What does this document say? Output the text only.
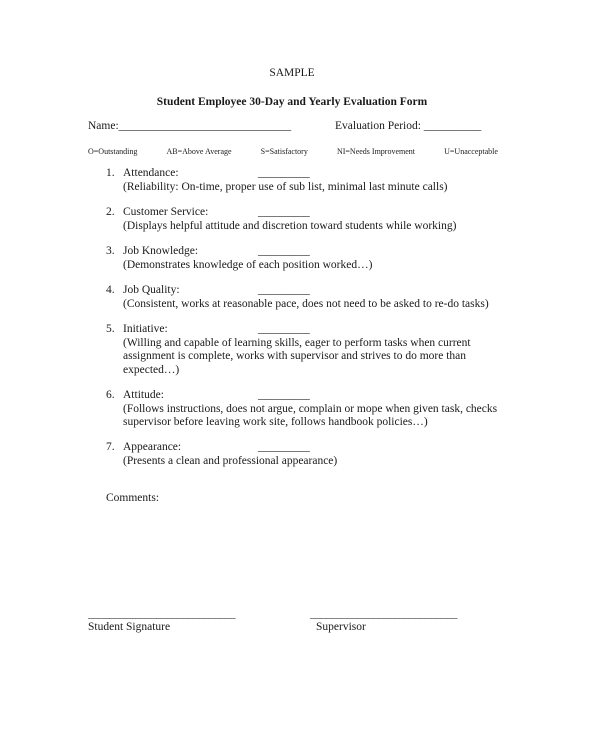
SAMPLE
Student Employee 30-Day and Yearly Evaluation Form
Name:______________________________	Evaluation Period: __________
O=Outstanding	AB=Above Average	S=Satisfactory	NI=Needs Improvement	U=Unacceptable
1. Attendance:	_________
(Reliability: On-time, proper use of sub list, minimal last minute calls)
2. Customer Service:	_________
(Displays helpful attitude and discretion toward students while working)
3. Job Knowledge:	_________
(Demonstrates knowledge of each position worked…)
4. Job Quality:	_________
(Consistent, works at reasonable pace, does not need to be asked to re-do tasks)
5. Initiative:	_________
(Willing and capable of learning skills, eager to perform tasks when current
assignment is complete, works with supervisor and strives to do more than
expected…)
6. Attitude:	_________
(Follows instructions, does not argue, complain or mope when given task, checks
supervisor before leaving work site, follows handbook policies…)
7. Appearance:	_________
(Presents a clean and professional appearance)
Comments:
____________________________	____________________________
Student Signature	Supervisor
